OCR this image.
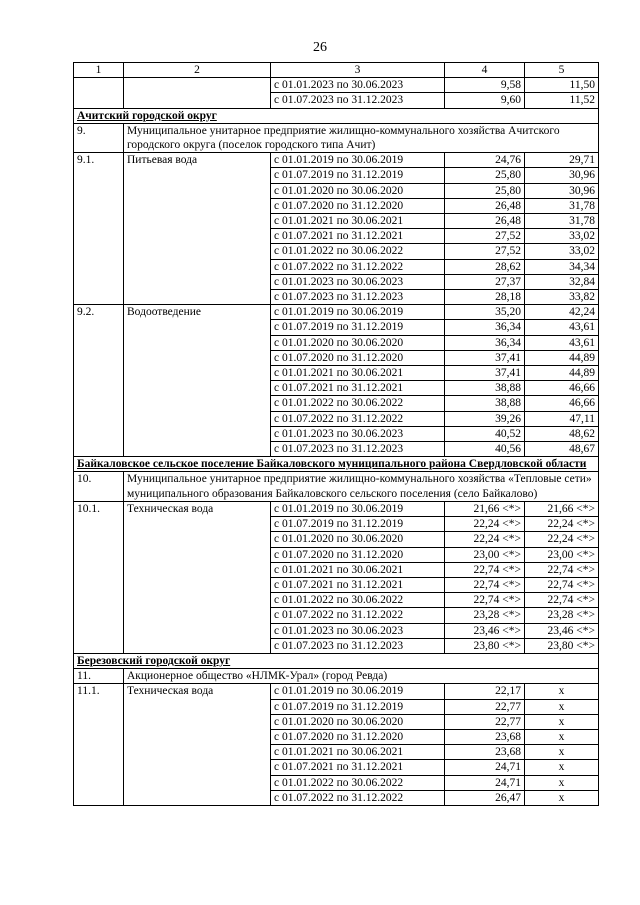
26
1	2	3	4	5
		с 01.01.2023 по 30.06.2023	9,58	11,50
		с 01.07.2023 по 31.12.2023	9,60	11,52
Ачитский городской округ				
9.	Муниципальное унитарное предприятие жилищно-коммунального хозяйства Ачитского городского округа (поселок городского типа Ачит)			
9.1.	Питьевая вода	с 01.01.2019 по 30.06.2019	24,76	29,71
		с 01.07.2019 по 31.12.2019	25,80	30,96
		с 01.01.2020 по 30.06.2020	25,80	30,96
		с 01.07.2020 по 31.12.2020	26,48	31,78
		с 01.01.2021 по 30.06.2021	26,48	31,78
		с 01.07.2021 по 31.12.2021	27,52	33,02
		с 01.01.2022 по 30.06.2022	27,52	33,02
		с 01.07.2022 по 31.12.2022	28,62	34,34
		с 01.01.2023 по 30.06.2023	27,37	32,84
		с 01.07.2023 по 31.12.2023	28,18	33,82
9.2.	Водоотведение	с 01.01.2019 по 30.06.2019	35,20	42,24
		с 01.07.2019 по 31.12.2019	36,34	43,61
		с 01.01.2020 по 30.06.2020	36,34	43,61
		с 01.07.2020 по 31.12.2020	37,41	44,89
		с 01.01.2021 по 30.06.2021	37,41	44,89
		с 01.07.2021 по 31.12.2021	38,88	46,66
		с 01.01.2022 по 30.06.2022	38,88	46,66
		с 01.07.2022 по 31.12.2022	39,26	47,11
		с 01.01.2023 по 30.06.2023	40,52	48,62
		с 01.07.2023 по 31.12.2023	40,56	48,67
Байкаловское сельское поселение Байкаловского муниципального района Свердловской области				
10.	Муниципальное унитарное предприятие жилищно-коммунального хозяйства «Тепловые сети» муниципального образования Байкаловского сельского поселения (село Байкалово)			
10.1.	Техническая вода	с 01.01.2019 по 30.06.2019	21,66 <*>	21,66 <*>
		с 01.07.2019 по 31.12.2019	22,24 <*>	22,24 <*>
		с 01.01.2020 по 30.06.2020	22,24 <*>	22,24 <*>
		с 01.07.2020 по 31.12.2020	23,00 <*>	23,00 <*>
		с 01.01.2021 по 30.06.2021	22,74 <*>	22,74 <*>
		с 01.07.2021 по 31.12.2021	22,74 <*>	22,74 <*>
		с 01.01.2022 по 30.06.2022	22,74 <*>	22,74 <*>
		с 01.07.2022 по 31.12.2022	23,28 <*>	23,28 <*>
		с 01.01.2023 по 30.06.2023	23,46 <*>	23,46 <*>
		с 01.07.2023 по 31.12.2023	23,80 <*>	23,80 <*>
Березовский городской округ				
11.	Акционерное общество «НЛМК-Урал» (город Ревда)			
11.1.	Техническая вода	с 01.01.2019 по 30.06.2019	22,17	х
		с 01.07.2019 по 31.12.2019	22,77	х
		с 01.01.2020 по 30.06.2020	22,77	х
		с 01.07.2020 по 31.12.2020	23,68	х
		с 01.01.2021 по 30.06.2021	23,68	х
		с 01.07.2021 по 31.12.2021	24,71	х
		с 01.01.2022 по 30.06.2022	24,71	х
		с 01.07.2022 по 31.12.2022	26,47	х
